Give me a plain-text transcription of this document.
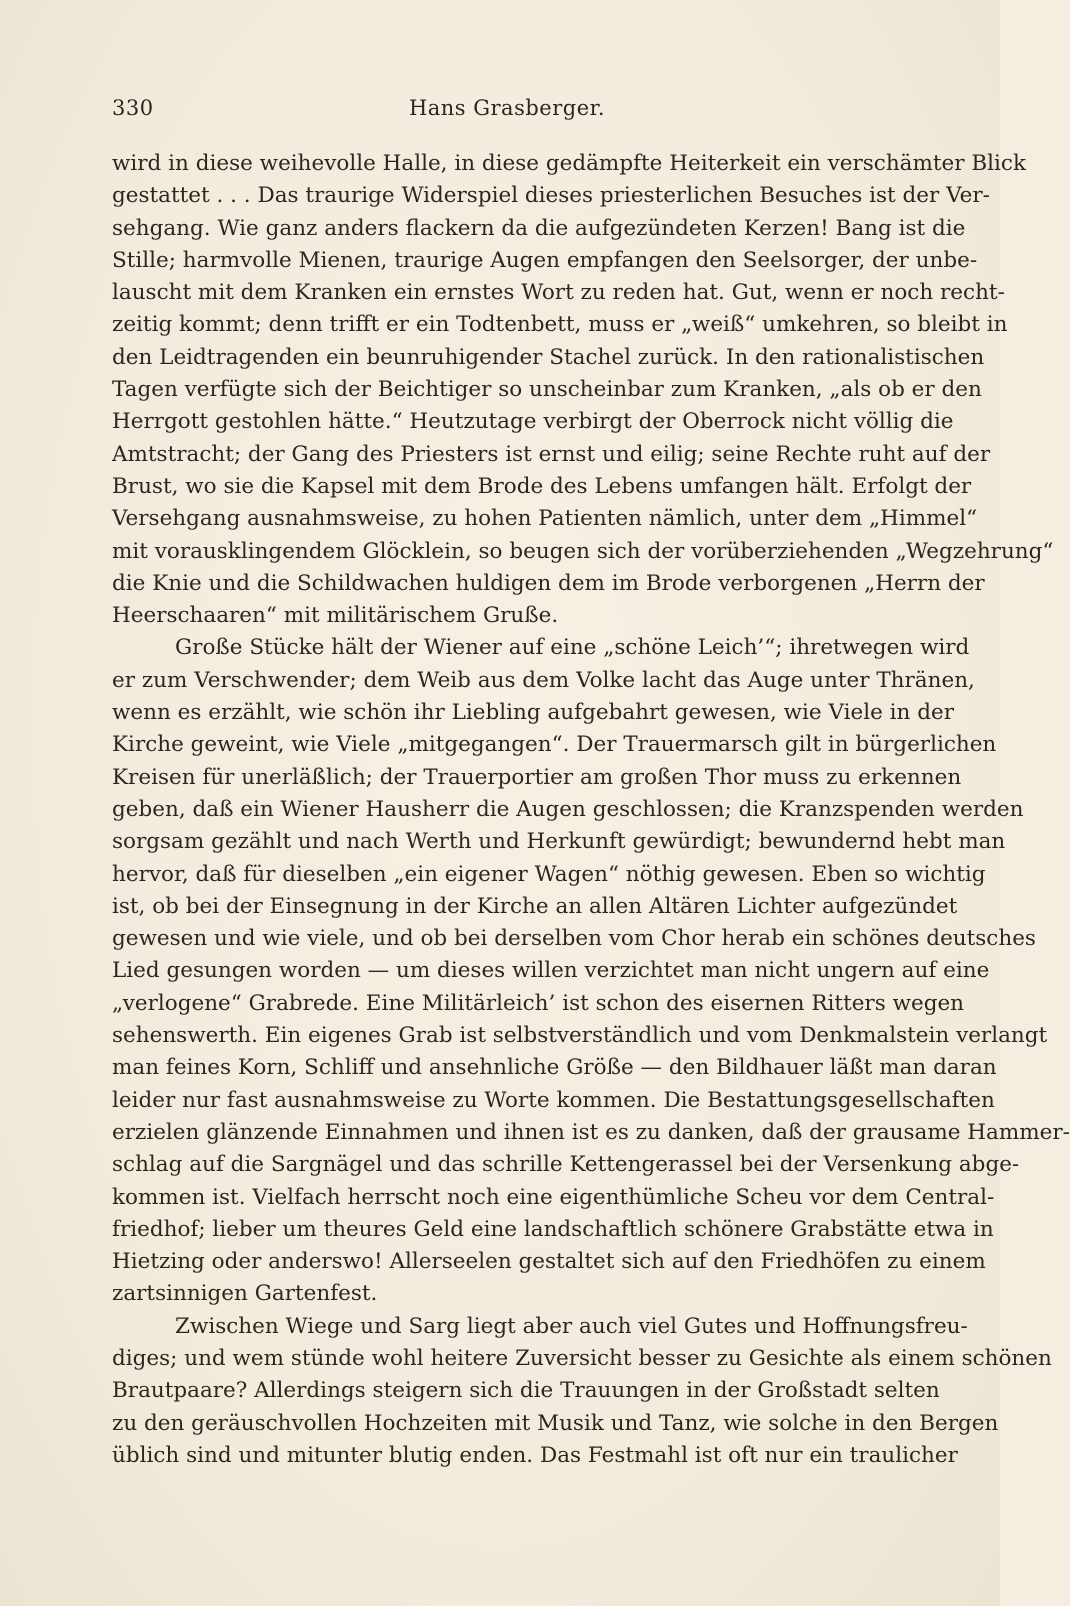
330	Hans Grasberger.
wird in diese weihevolle Halle, in diese gedämpfte Heiterkeit ein verschämter Blick
gestattet . . . Das traurige Widerspiel dieses priesterlichen Besuches ist der Ver-
sehgang. Wie ganz anders flackern da die aufgezündeten Kerzen! Bang ist die
Stille; harmvolle Mienen, traurige Augen empfangen den Seelsorger, der unbe-
lauscht mit dem Kranken ein ernstes Wort zu reden hat. Gut, wenn er noch recht-
zeitig kommt; denn trifft er ein Todtenbett, muss er „weiß“ umkehren, so bleibt in
den Leidtragenden ein beunruhigender Stachel zurück. In den rationalistischen
Tagen verfügte sich der Beichtiger so unscheinbar zum Kranken, „als ob er den
Herrgott gestohlen hätte.“ Heutzutage verbirgt der Oberrock nicht völlig die
Amtstracht; der Gang des Priesters ist ernst und eilig; seine Rechte ruht auf der
Brust, wo sie die Kapsel mit dem Brode des Lebens umfangen hält. Erfolgt der
Versehgang ausnahmsweise, zu hohen Patienten nämlich, unter dem „Himmel“
mit vorausklingendem Glöcklein, so beugen sich der vorüberziehenden „Wegzehrung“
die Knie und die Schildwachen huldigen dem im Brode verborgenen „Herrn der
Heerschaaren“ mit militärischem Gruße.
Große Stücke hält der Wiener auf eine „schöne Leich’“; ihretwegen wird
er zum Verschwender; dem Weib aus dem Volke lacht das Auge unter Thränen,
wenn es erzählt, wie schön ihr Liebling aufgebahrt gewesen, wie Viele in der
Kirche geweint, wie Viele „mitgegangen“. Der Trauermarsch gilt in bürgerlichen
Kreisen für unerläßlich; der Trauerportier am großen Thor muss zu erkennen
geben, daß ein Wiener Hausherr die Augen geschlossen; die Kranzspenden werden
sorgsam gezählt und nach Werth und Herkunft gewürdigt; bewundernd hebt man
hervor, daß für dieselben „ein eigener Wagen“ nöthig gewesen. Eben so wichtig
ist, ob bei der Einsegnung in der Kirche an allen Altären Lichter aufgezündet
gewesen und wie viele, und ob bei derselben vom Chor herab ein schönes deutsches
Lied gesungen worden — um dieses willen verzichtet man nicht ungern auf eine
„verlogene“ Grabrede. Eine Militärleich’ ist schon des eisernen Ritters wegen
sehenswerth. Ein eigenes Grab ist selbstverständlich und vom Denkmalstein verlangt
man feines Korn, Schliff und ansehnliche Größe — den Bildhauer läßt man daran
leider nur fast ausnahmsweise zu Worte kommen. Die Bestattungsgesellschaften
erzielen glänzende Einnahmen und ihnen ist es zu danken, daß der grausame Hammer-
schlag auf die Sargnägel und das schrille Kettengerassel bei der Versenkung abge-
kommen ist. Vielfach herrscht noch eine eigenthümliche Scheu vor dem Central-
friedhof; lieber um theures Geld eine landschaftlich schönere Grabstätte etwa in
Hietzing oder anderswo! Allerseelen gestaltet sich auf den Friedhöfen zu einem
zartsinnigen Gartenfest.
Zwischen Wiege und Sarg liegt aber auch viel Gutes und Hoffnungsfreu-
diges; und wem stünde wohl heitere Zuversicht besser zu Gesichte als einem schönen
Brautpaare? Allerdings steigern sich die Trauungen in der Großstadt selten
zu den geräuschvollen Hochzeiten mit Musik und Tanz, wie solche in den Bergen
üblich sind und mitunter blutig enden. Das Festmahl ist oft nur ein traulicher
